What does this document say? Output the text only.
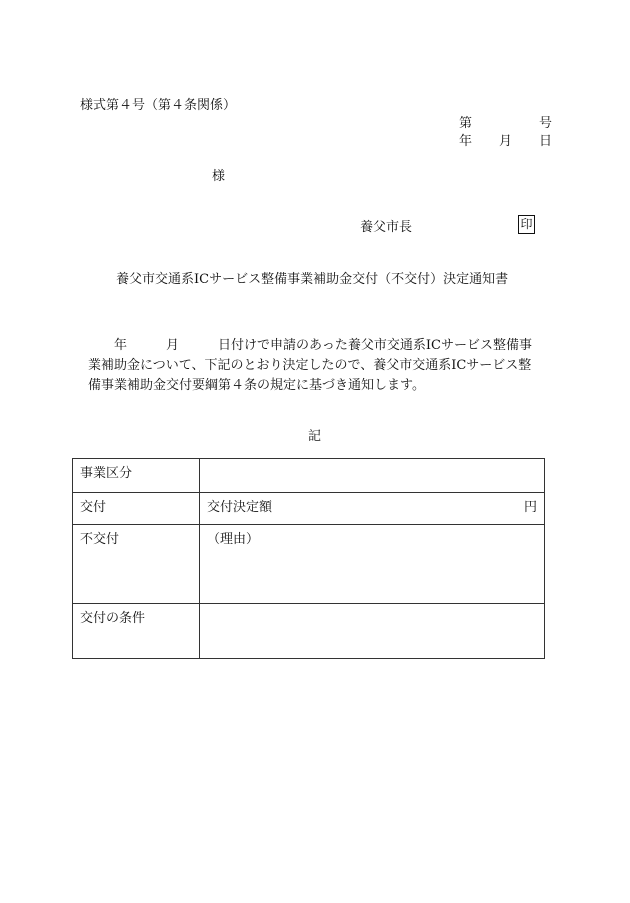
様式第４号（第４条関係）
第	号
年 月 日
様
養父市長	印
養父市交通系ICサービス整備事業補助金交付（不交付）決定通知書

　　年　　　月　　　日付けで申請のあった養父市交通系ICサービス整備事

業補助金について、下記のとおり決定したので、養父市交通系ICサービス整

備事業補助金交付要綱第４条の規定に基づき通知します。

記
事業区分	
交付	交付決定額 円

不交付	（理由）
交付の条件	
